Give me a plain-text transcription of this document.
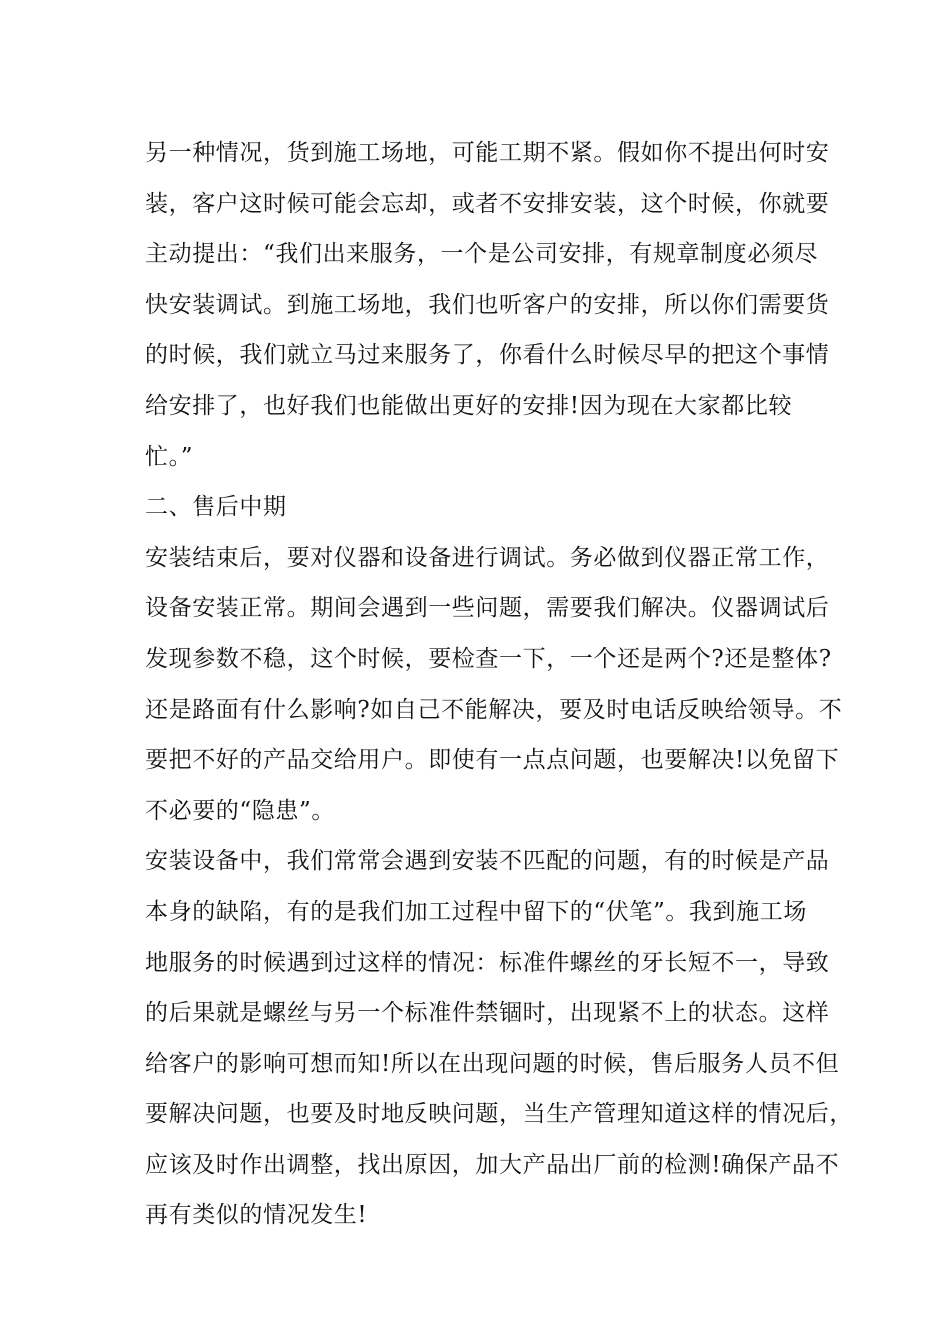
另一种情况，货到施工场地，可能工期不紧。假如你不提出何时安
装，客户这时候可能会忘却，或者不安排安装，这个时候，你就要
主动提出：“我们出来服务，一个是公司安排，有规章制度必须尽
快安装调试。到施工场地，我们也听客户的安排，所以你们需要货
的时候，我们就立马过来服务了，你看什么时候尽早的把这个事情
给安排了，也好我们也能做出更好的安排!因为现在大家都比较
忙。”
二、售后中期
安装结束后，要对仪器和设备进行调试。务必做到仪器正常工作，
设备安装正常。期间会遇到一些问题，需要我们解决。仪器调试后
发现参数不稳，这个时候，要检查一下，一个还是两个?还是整体?
还是路面有什么影响?如自己不能解决，要及时电话反映给领导。不
要把不好的产品交给用户。即使有一点点问题，也要解决!以免留下
不必要的“隐患”。
安装设备中，我们常常会遇到安装不匹配的问题，有的时候是产品
本身的缺陷，有的是我们加工过程中留下的“伏笔”。我到施工场
地服务的时候遇到过这样的情况：标准件螺丝的牙长短不一，导致
的后果就是螺丝与另一个标准件禁锢时，出现紧不上的状态。这样
给客户的影响可想而知!所以在出现问题的时候，售后服务人员不但
要解决问题，也要及时地反映问题，当生产管理知道这样的情况后，
应该及时作出调整，找出原因，加大产品出厂前的检测!确保产品不
再有类似的情况发生!
